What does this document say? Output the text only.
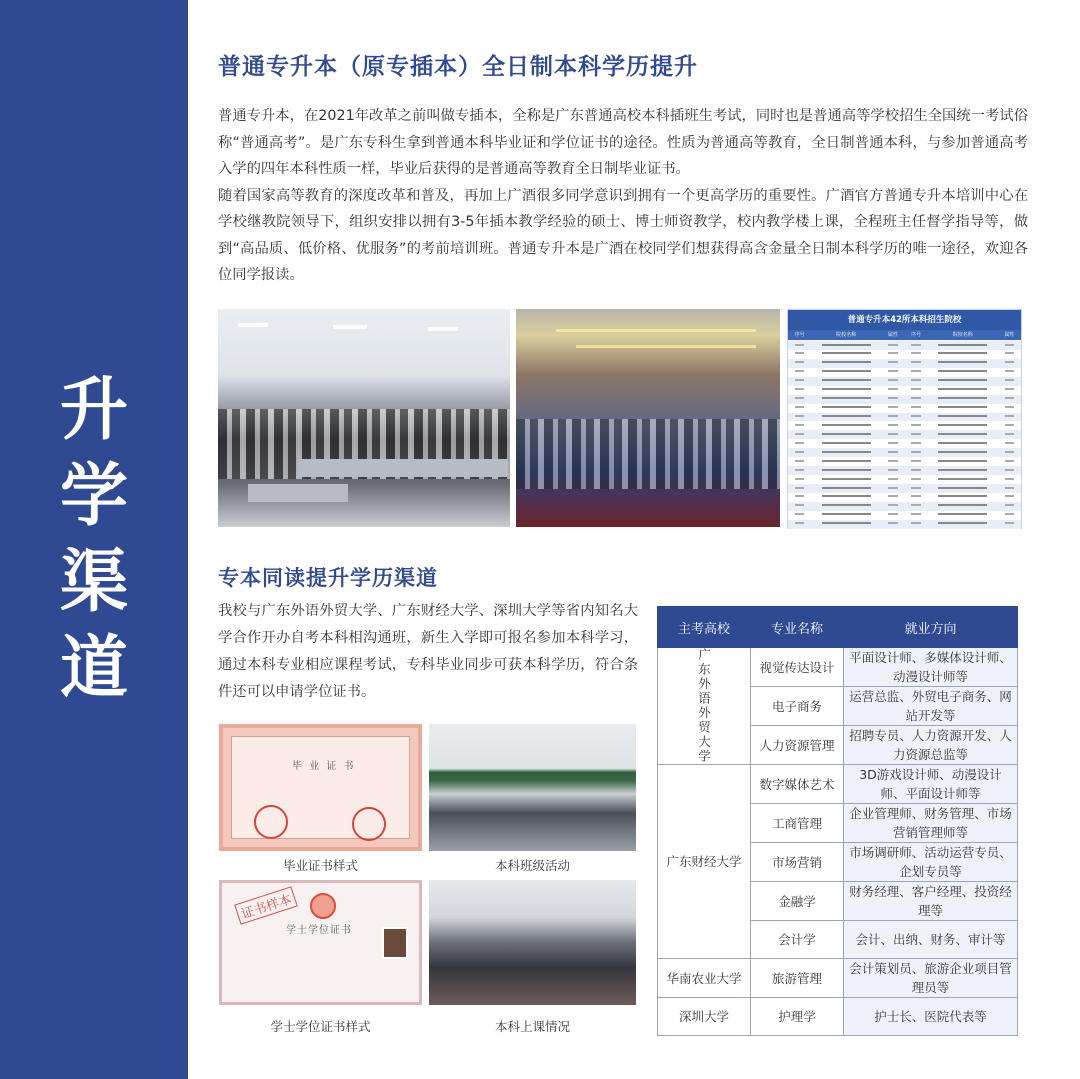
升学渠道
普通专升本（原专插本）全日制本科学历提升

普通专升本，在2021年改革之前叫做专插本，全称是广东普通高校本科插班生考试，同时也是普通高等学校招生全国统一考试俗称“普通高考”。是广东专科生拿到普通本科毕业证和学位证书的途径。性质为普通高等教育，全日制普通本科，与参加普通高考入学的四年本科性质一样，毕业后获得的是普通高等教育全日制毕业证书。

随着国家高等教育的深度改革和普及，再加上广酒很多同学意识到拥有一个更高学历的重要性。广酒官方普通专升本培训中心在学校继教院领导下，组织安排以拥有3-5年插本教学经验的硕士、博士师资教学，校内教学楼上课，全程班主任督学指导等，做到“高品质、低价格、优服务”的考前培训班。普通专升本是广酒在校同学们想获得高含金量全日制本科学历的唯一途径，欢迎各位同学报读。

普通专升本42所本科招生院校
序号	院校名称	属性	序号	院校名称	属性
专本同读提升学历渠道

我校与广东外语外贸大学、广东财经大学、深圳大学等省内知名大学合作开办自考本科相沟通班，新生入学即可报名参加本科学习，通过本科专业相应课程考试，专科毕业同步可获本科学历，符合条件还可以申请学位证书。

毕 业 证 书
毕业证书样式	本科班级活动
证书样本
学士学位证书
学士学位证书样式	本科上课情况
主考高校	专业名称	就业方向

广东外语外贸大学	视觉传达设计	平面设计师、多媒体设计师、动漫设计师等
	电子商务	运营总监、外贸电子商务、网站开发等
	人力资源管理	招聘专员、人力资源开发、人力资源总监等

广东财经大学	数字媒体艺术	3D游戏设计师、动漫设计师、平面设计师等
	工商管理	企业管理师、财务管理、市场营销管理师等
	市场营销	市场调研师、活动运营专员、企划专员等
	金融学	财务经理、客户经理、投资经理等
	会计学	会计、出纳、财务、审计等

华南农业大学	旅游管理	会计策划员、旅游企业项目管理员等

深圳大学	护理学	护士长、医院代表等
